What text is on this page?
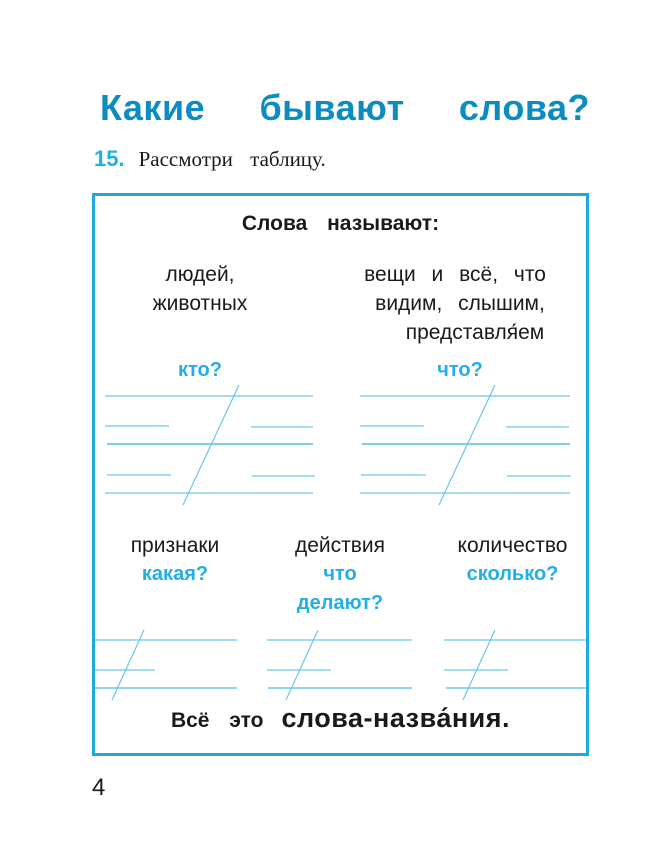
Какие бывают слова?
15. Рассмотри таблицу.
Слова называют:
людей,
животных
кто?
вещи и всё, что
видим, слышим,
представля́ем
что?
признаки
какая?
действия
что
делают?
количество
сколько?
Всё это слова-назва́ния.
4
